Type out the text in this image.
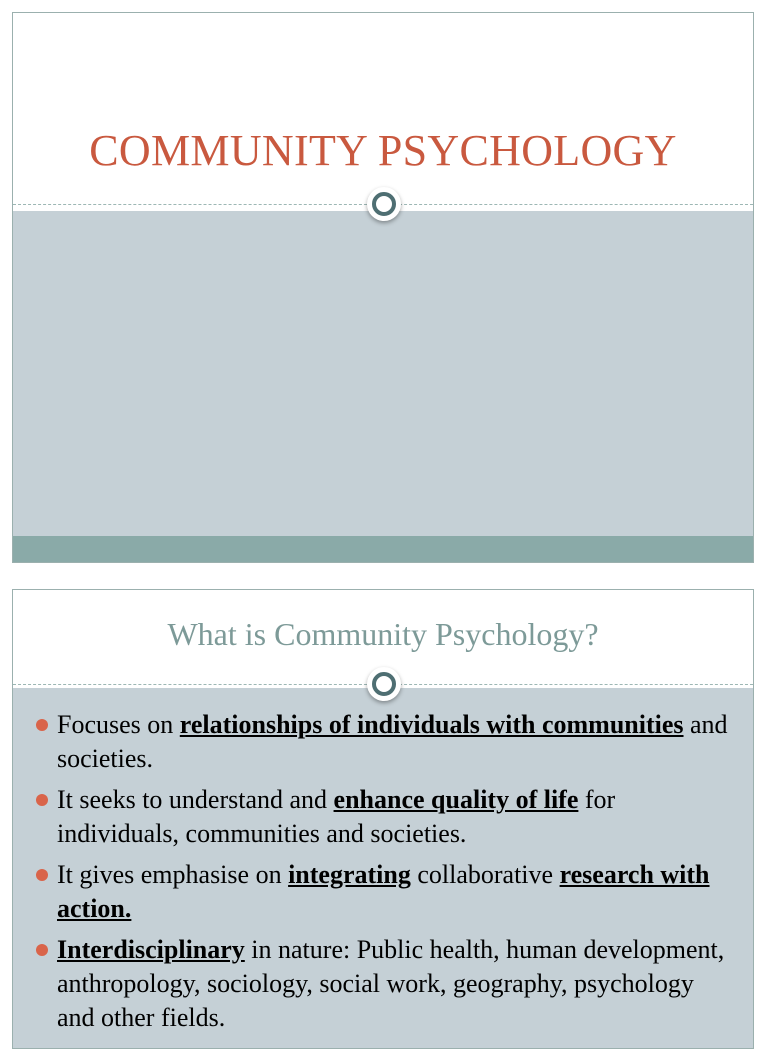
COMMUNITY PSYCHOLOGY
What is Community Psychology?
Focuses on relationships of individuals with communities and societies.
It seeks to understand and enhance quality of life for individuals, communities and societies.
It gives emphasise on integrating collaborative research with action.
Interdisciplinary in nature: Public health, human development, anthropology, sociology, social work, geography, psychology and other fields.
